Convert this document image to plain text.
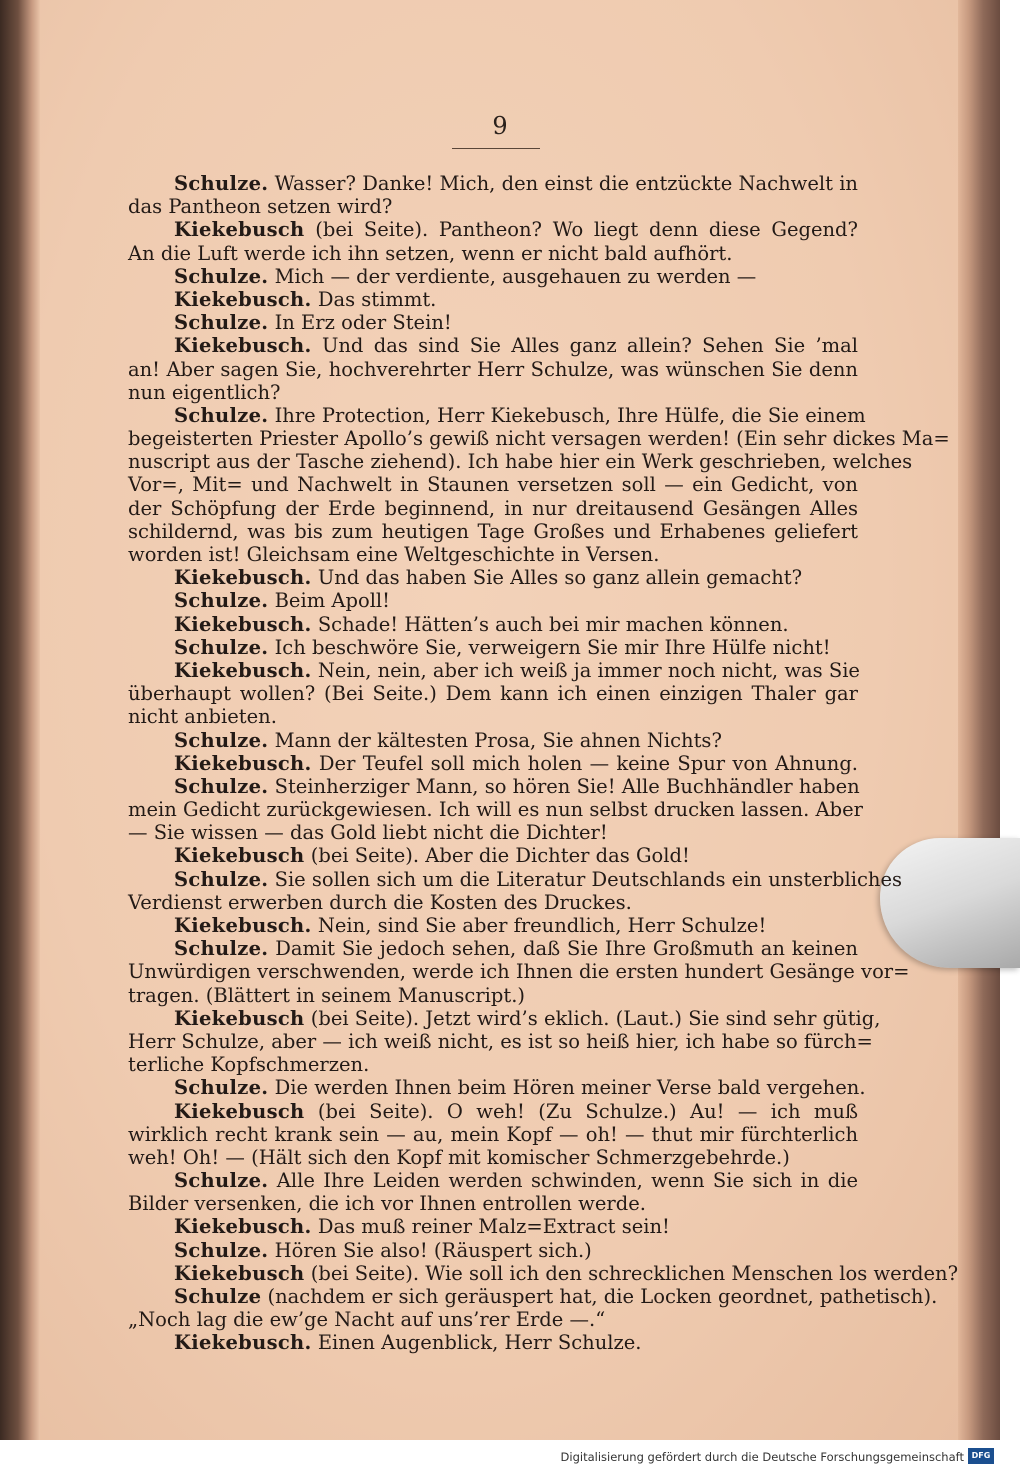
9
Schulze. Wasser? Danke! Mich, den einst die entzückte Nachwelt in
das Pantheon setzen wird?
Kiekebusch (bei Seite). Pantheon? Wo liegt denn diese Gegend?
An die Luft werde ich ihn setzen, wenn er nicht bald aufhört.
Schulze. Mich — der verdiente, ausgehauen zu werden —
Kiekebusch. Das stimmt.
Schulze. In Erz oder Stein!
Kiekebusch. Und das sind Sie Alles ganz allein? Sehen Sie ’mal
an! Aber sagen Sie, hochverehrter Herr Schulze, was wünschen Sie denn
nun eigentlich?
Schulze. Ihre Protection, Herr Kiekebusch, Ihre Hülfe, die Sie einem
begeisterten Priester Apollo’s gewiß nicht versagen werden! (Ein sehr dickes Ma=
nuscript aus der Tasche ziehend). Ich habe hier ein Werk geschrieben, welches
Vor=, Mit= und Nachwelt in Staunen versetzen soll — ein Gedicht, von
der Schöpfung der Erde beginnend, in nur dreitausend Gesängen Alles
schildernd, was bis zum heutigen Tage Großes und Erhabenes geliefert
worden ist! Gleichsam eine Weltgeschichte in Versen.
Kiekebusch. Und das haben Sie Alles so ganz allein gemacht?
Schulze. Beim Apoll!
Kiekebusch. Schade! Hätten’s auch bei mir machen können.
Schulze. Ich beschwöre Sie, verweigern Sie mir Ihre Hülfe nicht!
Kiekebusch. Nein, nein, aber ich weiß ja immer noch nicht, was Sie
überhaupt wollen? (Bei Seite.) Dem kann ich einen einzigen Thaler gar
nicht anbieten.
Schulze. Mann der kältesten Prosa, Sie ahnen Nichts?
Kiekebusch. Der Teufel soll mich holen — keine Spur von Ahnung.
Schulze. Steinherziger Mann, so hören Sie! Alle Buchhändler haben
mein Gedicht zurückgewiesen. Ich will es nun selbst drucken lassen. Aber
— Sie wissen — das Gold liebt nicht die Dichter!
Kiekebusch (bei Seite). Aber die Dichter das Gold!
Schulze. Sie sollen sich um die Literatur Deutschlands ein unsterbliches
Verdienst erwerben durch die Kosten des Druckes.
Kiekebusch. Nein, sind Sie aber freundlich, Herr Schulze!
Schulze. Damit Sie jedoch sehen, daß Sie Ihre Großmuth an keinen
Unwürdigen verschwenden, werde ich Ihnen die ersten hundert Gesänge vor=
tragen. (Blättert in seinem Manuscript.)
Kiekebusch (bei Seite). Jetzt wird’s eklich. (Laut.) Sie sind sehr gütig,
Herr Schulze, aber — ich weiß nicht, es ist so heiß hier, ich habe so fürch=
terliche Kopfschmerzen.
Schulze. Die werden Ihnen beim Hören meiner Verse bald vergehen.
Kiekebusch (bei Seite). O weh! (Zu Schulze.) Au! — ich muß
wirklich recht krank sein — au, mein Kopf — oh! — thut mir fürchterlich
weh! Oh! — (Hält sich den Kopf mit komischer Schmerzgebehrde.)
Schulze. Alle Ihre Leiden werden schwinden, wenn Sie sich in die
Bilder versenken, die ich vor Ihnen entrollen werde.
Kiekebusch. Das muß reiner Malz=Extract sein!
Schulze. Hören Sie also! (Räuspert sich.)
Kiekebusch (bei Seite). Wie soll ich den schrecklichen Menschen los werden?
Schulze (nachdem er sich geräuspert hat, die Locken geordnet, pathetisch).
„Noch lag die ew’ge Nacht auf uns’rer Erde —.“
Kiekebusch. Einen Augenblick, Herr Schulze.
Digitalisierung gefördert durch die Deutsche Forschungsgemeinschaft DFG
